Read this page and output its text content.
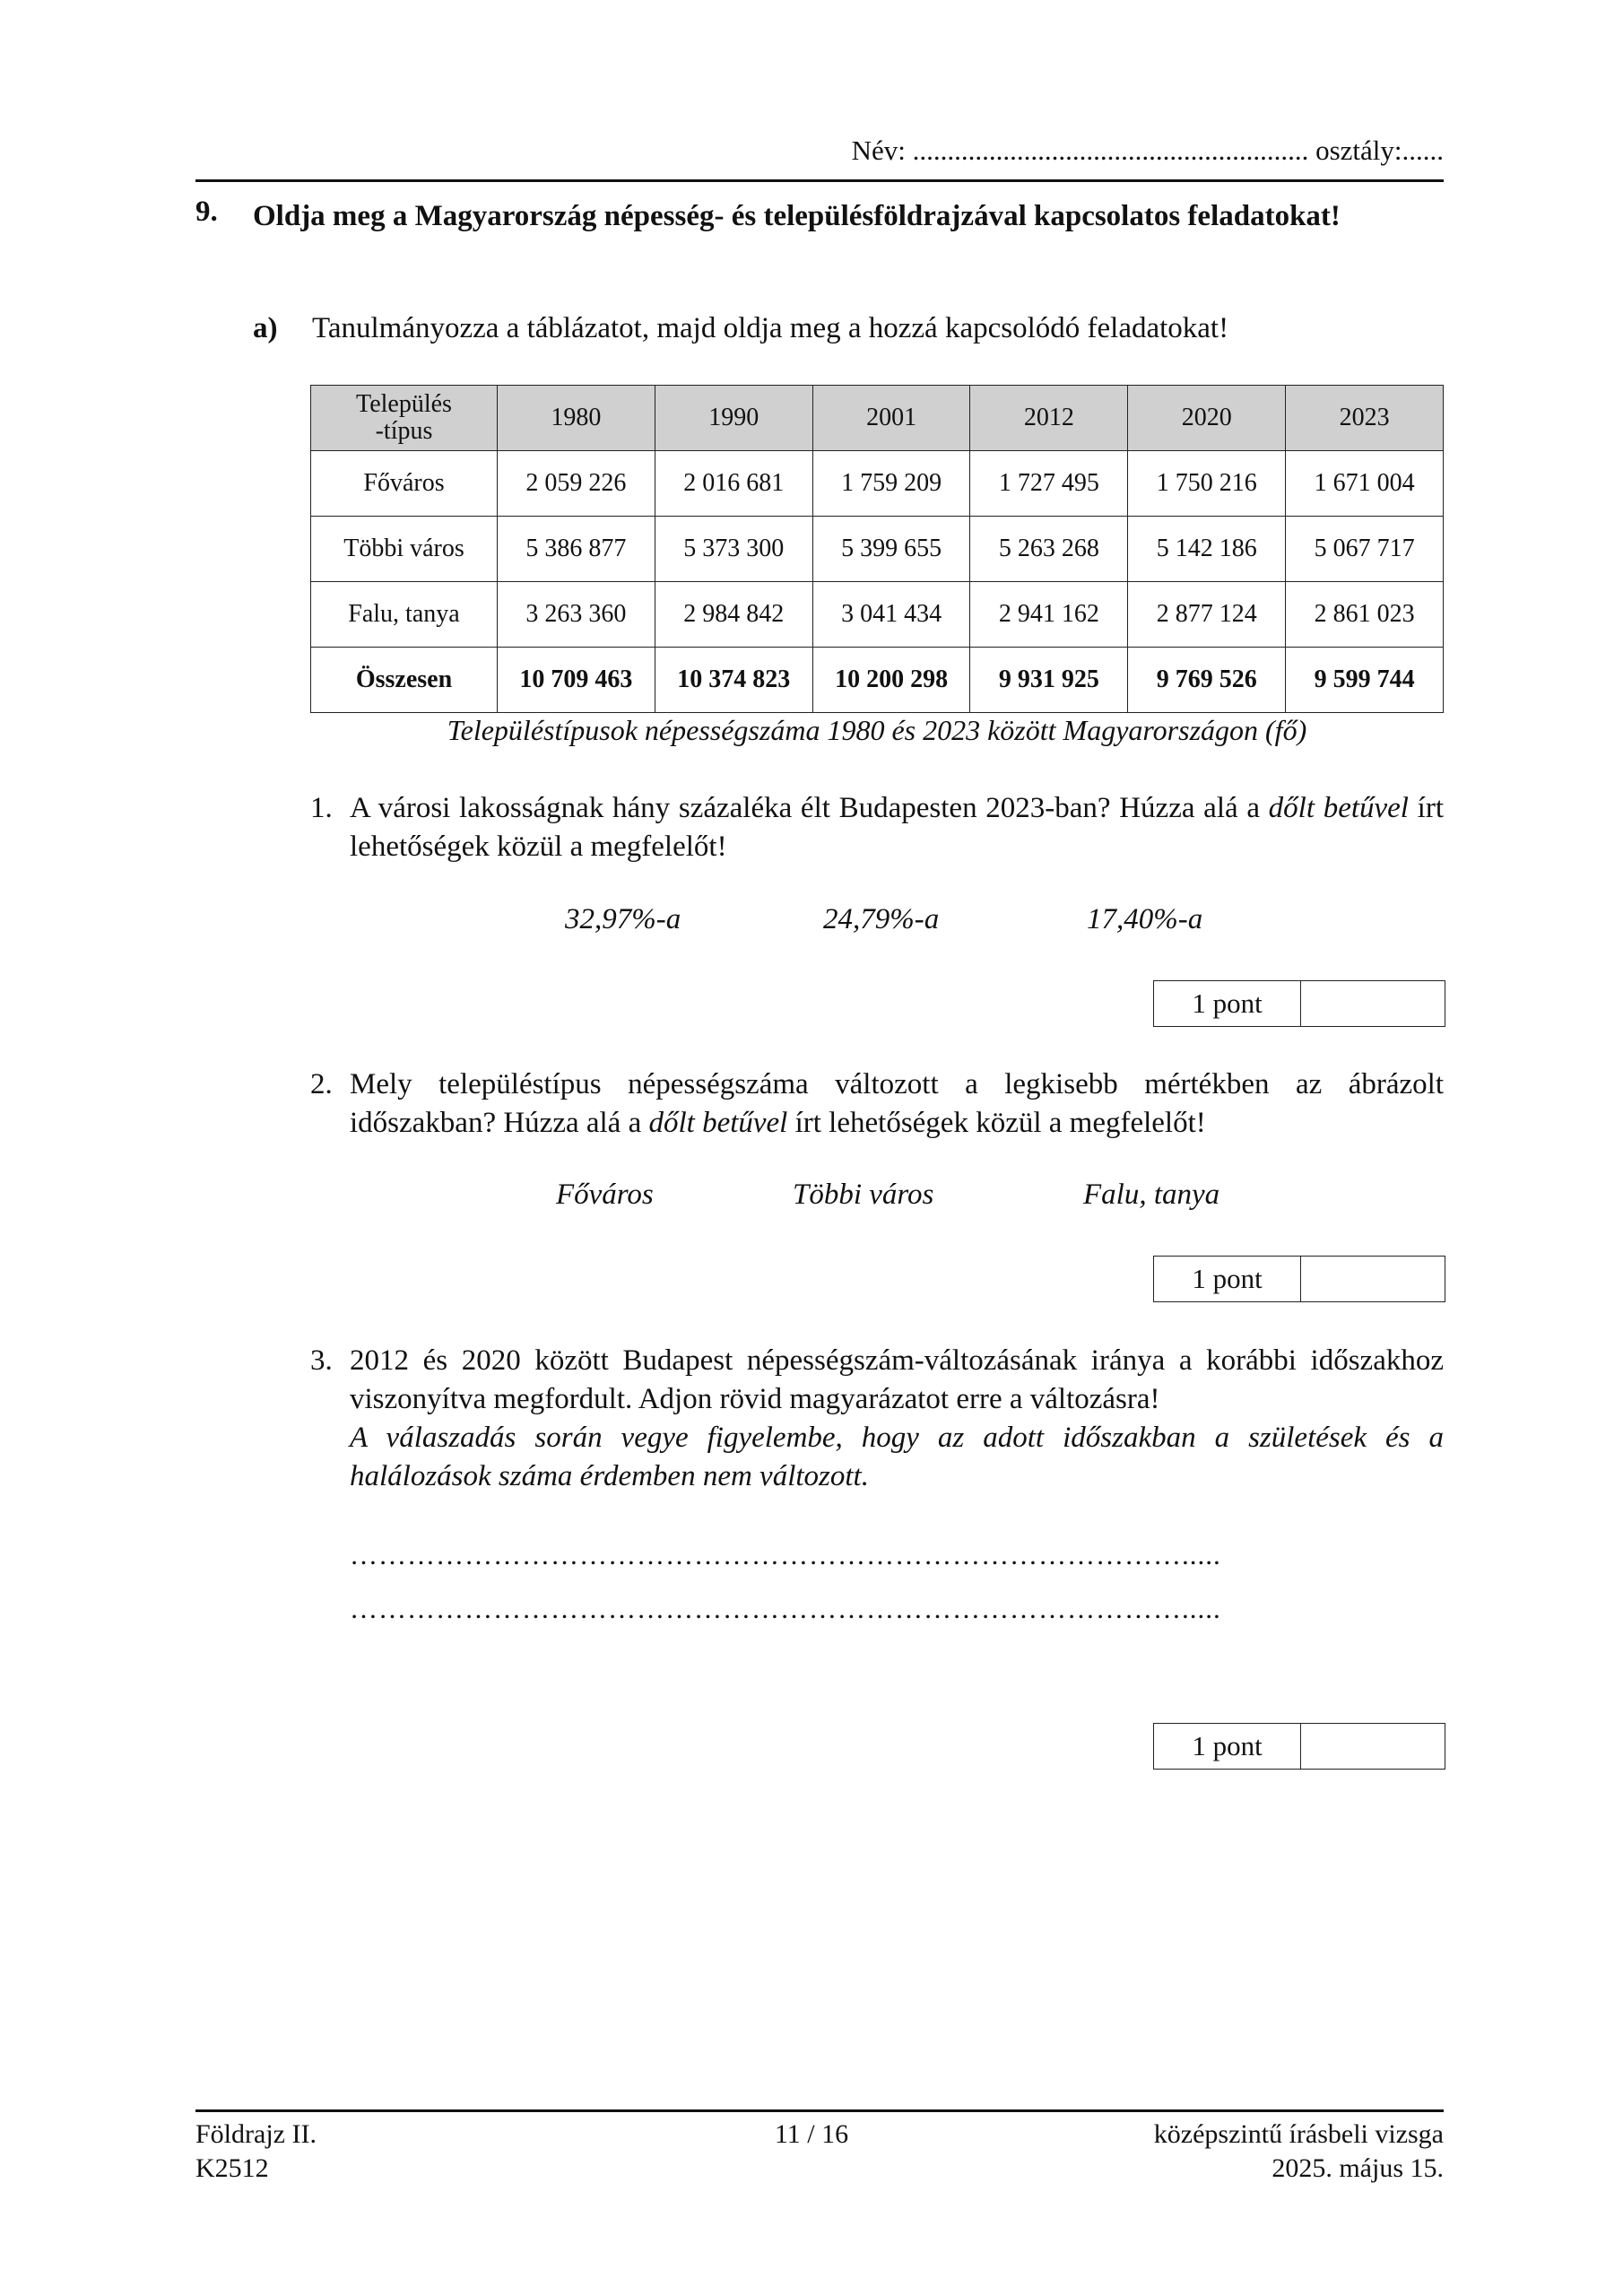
Név: ......................................................... osztály:......
9. Oldja meg a Magyarország népesség- és településföldrajzával kapcsolatos feladatokat!
a) Tanulmányozza a táblázatot, majd oldja meg a hozzá kapcsolódó feladatokat!
Település
-típus	1980	1990	2001	2012	2020	2023
Főváros	2 059 226	2 016 681	1 759 209	1 727 495	1 750 216	1 671 004
Többi város	5 386 877	5 373 300	5 399 655	5 263 268	5 142 186	5 067 717
Falu, tanya	3 263 360	2 984 842	3 041 434	2 941 162	2 877 124	2 861 023
Összesen	10 709 463	10 374 823	10 200 298	9 931 925	9 769 526	9 599 744
Településtípusok népességszáma 1980 és 2023 között Magyarországon (fő)
1. A városi lakosságnak hány százaléka élt Budapesten 2023-ban? Húzza alá a dőlt betűvel írt lehetőségek közül a megfelelőt!
32,97%-a	24,79%-a	17,40%-a
1 pont
2. Mely településtípus népességszáma változott a legkisebb mértékben az ábrázolt időszakban? Húzza alá a dőlt betűvel írt lehetőségek közül a megfelelőt!
Főváros	Többi város	Falu, tanya
1 pont
3. 2012 és 2020 között Budapest népességszám-változásának iránya a korábbi időszakhoz viszonyítva megfordult. Adjon rövid magyarázatot erre a változásra!
A válaszadás során vegye figyelembe, hogy az adott időszakban a születések és a halálozások száma érdemben nem változott.
…………………………………………………………………………….....
…………………………………………………………………………….....
1 pont
Földrajz II.
K2512
11 / 16	középszintű írásbeli vizsga
2025. május 15.
